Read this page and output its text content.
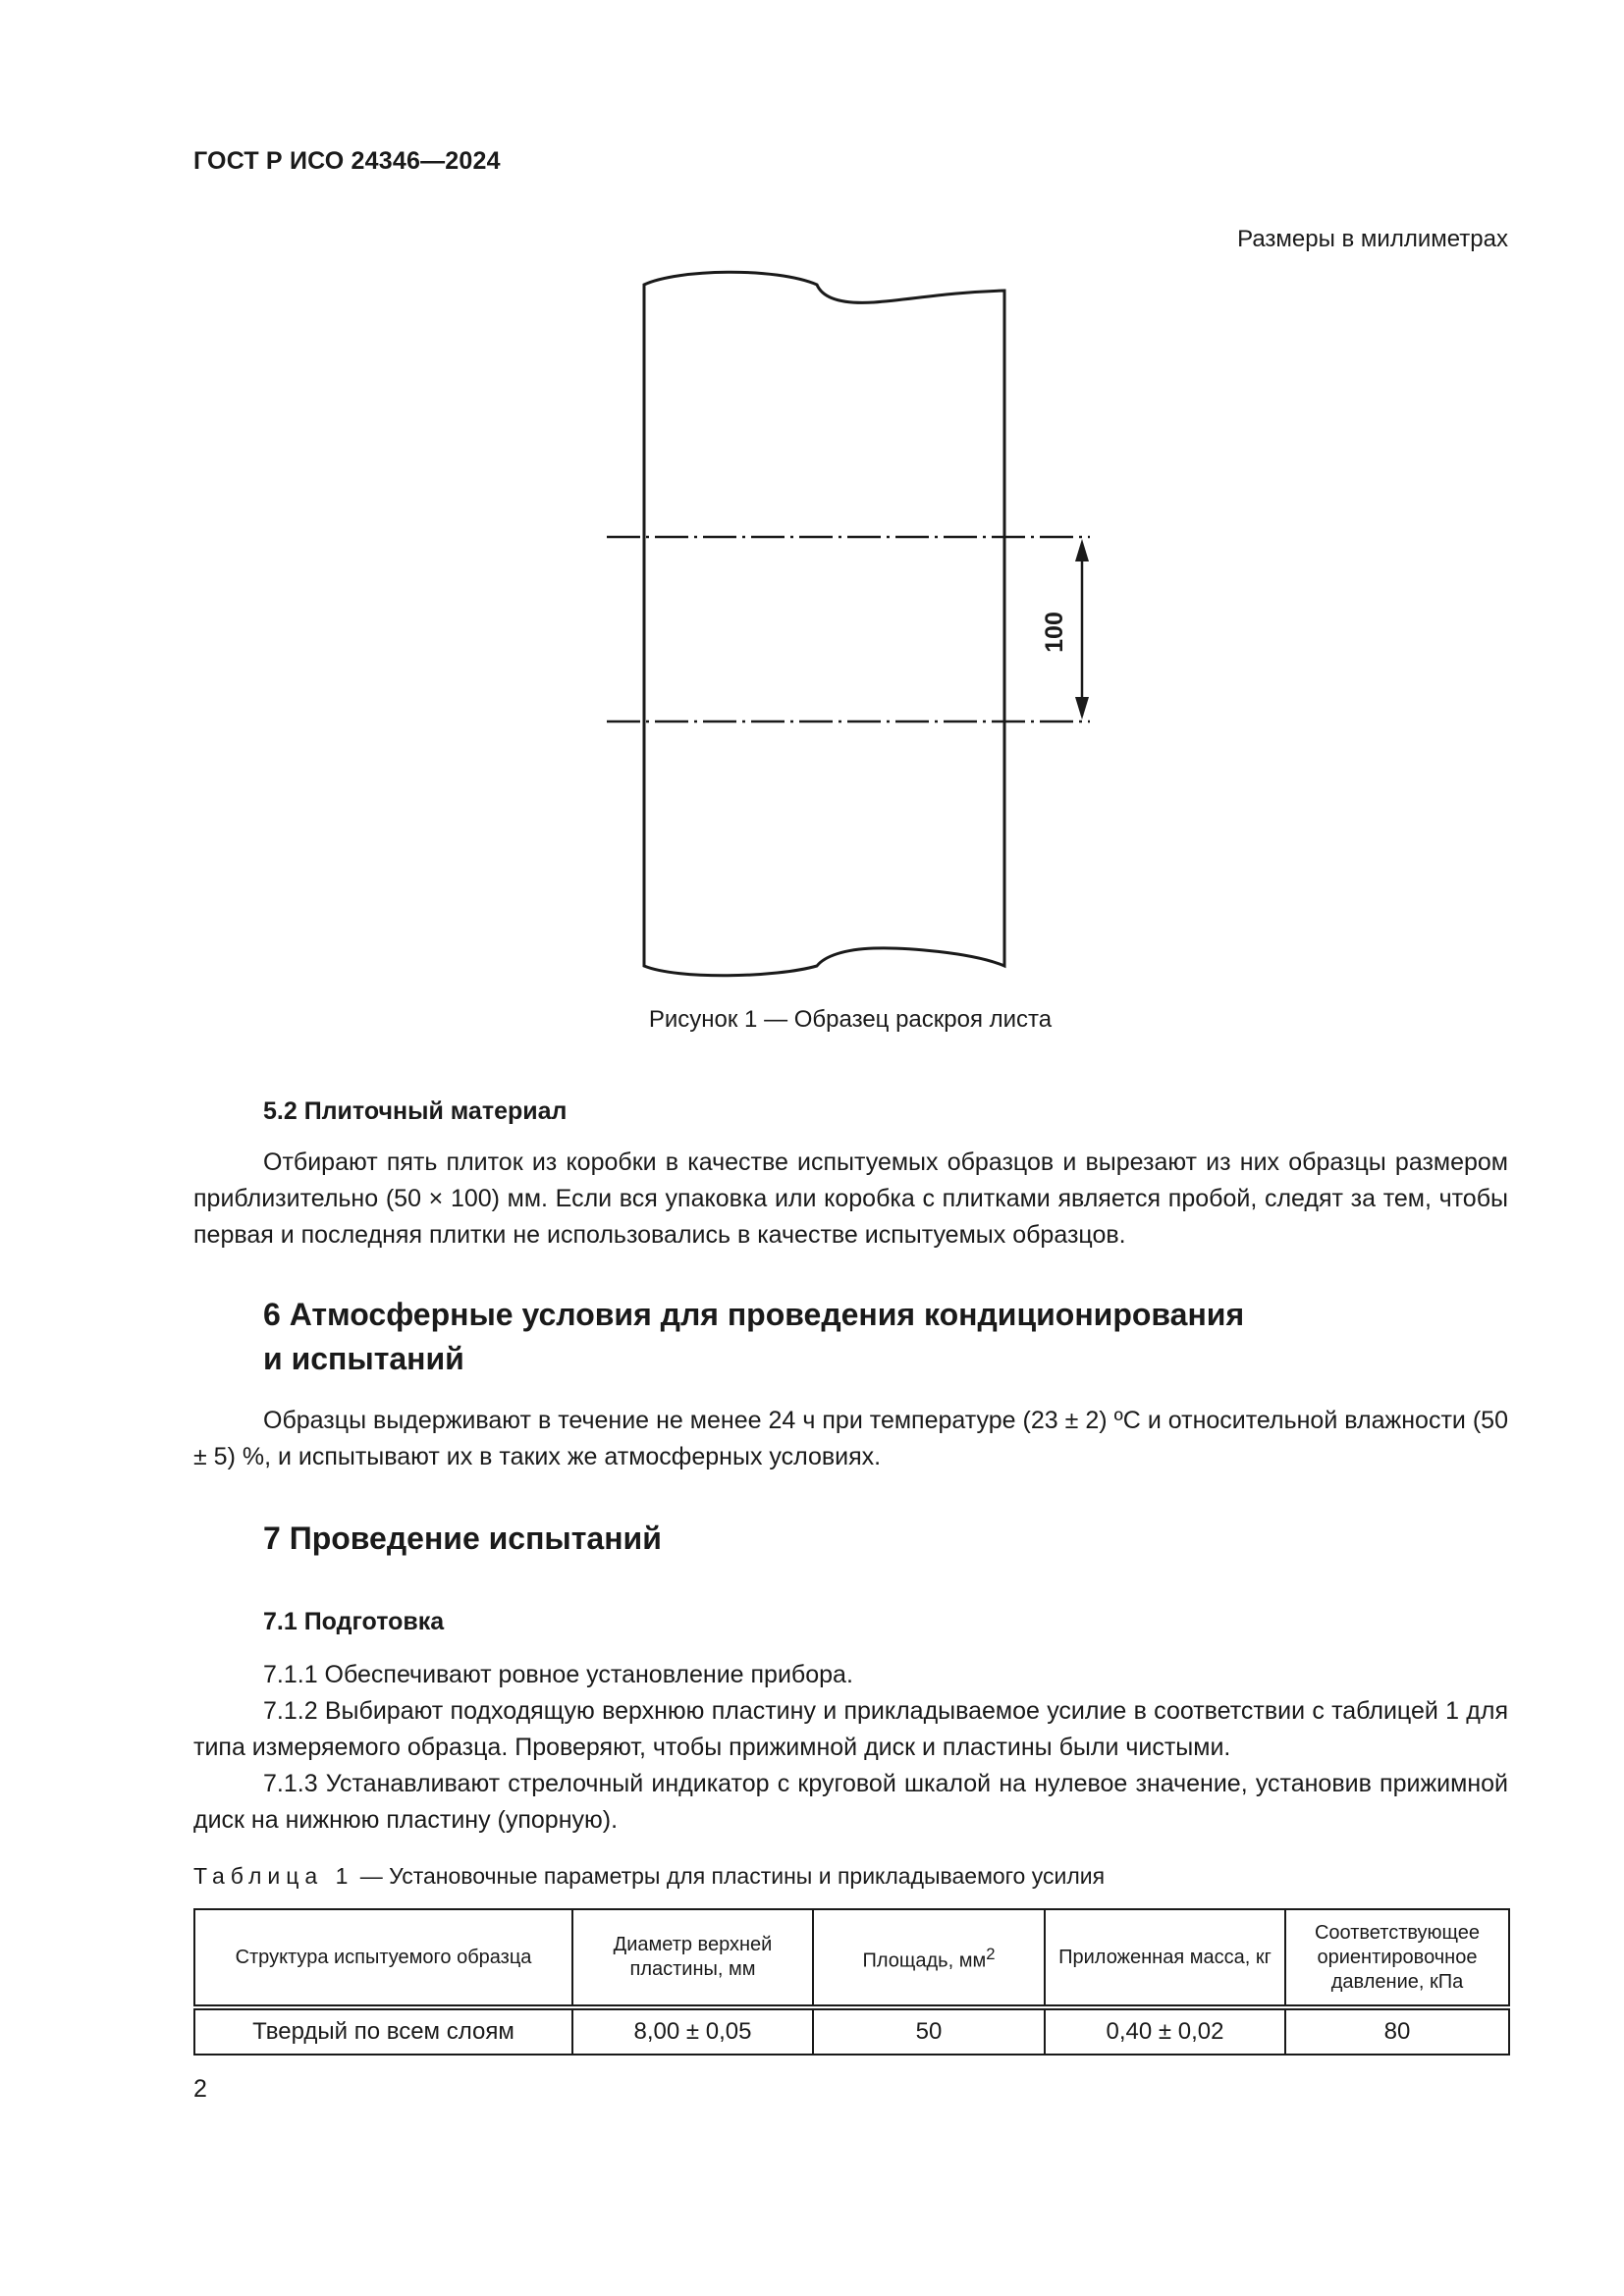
ГОСТ Р ИСО 24346—2024
Размеры в миллиметрах
100
Рисунок 1 — Образец раскроя листа
5.2 Плиточный материал
Отбирают пять плиток из коробки в качестве испытуемых образцов и вырезают из них образцы размером приблизительно (50 × 100) мм. Если вся упаковка или коробка с плитками является пробой, следят за тем, чтобы первая и последняя плитки не использовались в качестве испытуемых образцов.
6 Атмосферные условия для проведения кондиционирования
и испытаний
Образцы выдерживают в течение не менее 24 ч при температуре (23 ± 2) ºС и относительной влажности (50 ± 5) %, и испытывают их в таких же атмосферных условиях.
7 Проведение испытаний
7.1 Подготовка
7.1.1 Обеспечивают ровное установление прибора.
7.1.2 Выбирают подходящую верхнюю пластину и прикладываемое усилие в соответствии с таблицей 1 для типа измеряемого образца. Проверяют, чтобы прижимной диск и пластины были чистыми.
7.1.3 Устанавливают стрелочный индикатор с круговой шкалой на нулевое значение, установив прижимной диск на нижнюю пластину (упорную).
Таблица 1 — Установочные параметры для пластины и прикладываемого усилия
Структура испытуемого образца	Диаметр верхней пластины, мм	Площадь, $мм^2$	Приложенная масса, кг	Соответствующее ориентировочное давление, кПа
Твердый по всем слоям	8,00 ± 0,05	50	0,40 ± 0,02	80
2
